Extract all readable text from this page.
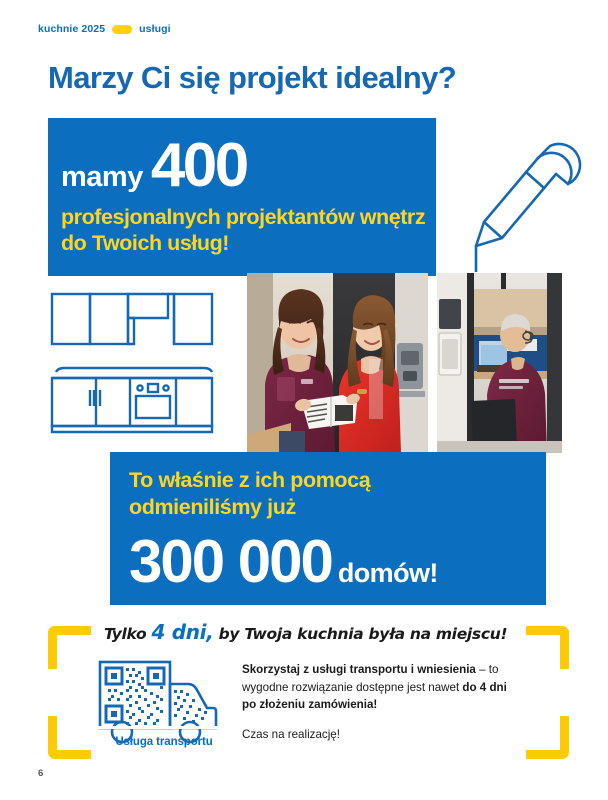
kuchnie 2025	usługi
Marzy Ci się projekt idealny?
mamy 400
profesjonalnych projektantów wnętrz do Twoich usług!
To właśnie z ich pomocą
odmieniliśmy już
300 000 domów!
Tylko 4 dni, by Twoja kuchnia była na miejscu!
Usługa transportu
Skorzystaj z usługi transportu i wniesienia – to wygodne rozwiązanie dostępne jest nawet do 4 dni po złożeniu zamówienia!
Czas na realizację!
6
